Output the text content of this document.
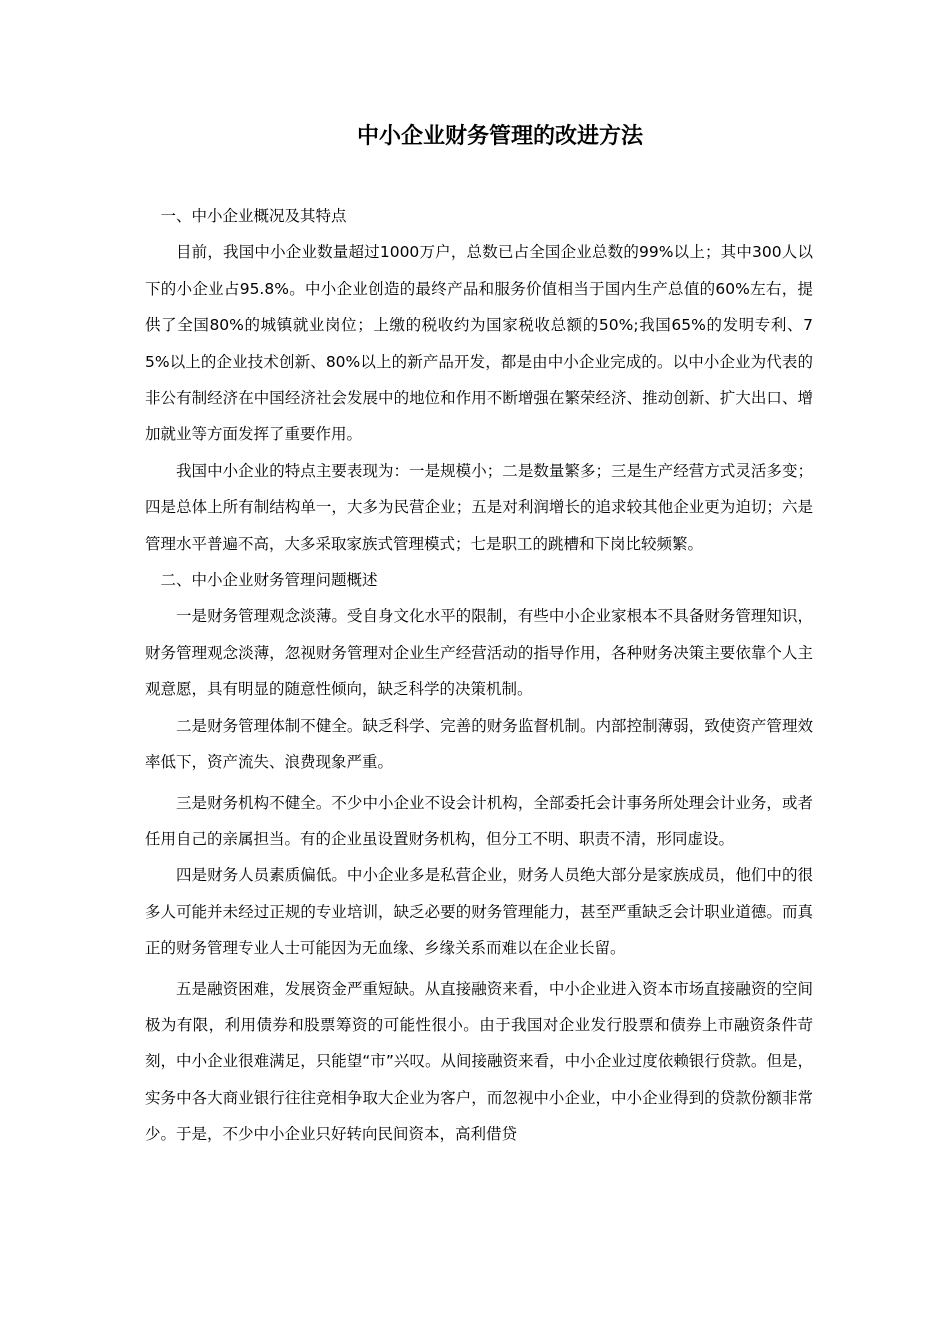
中小企业财务管理的改进方法

一、中小企业概况及其特点

目前，我国中小企业数量超过1000万户，总数已占全国企业总数的99%以上；其中300人以下的小企业占95.8%。中小企业创造的最终产品和服务价值相当于国内生产总值的60%左右，提供了全国80%的城镇就业岗位；上缴的税收约为国家税收总额的50%;我国65%的发明专利、75%以上的企业技术创新、80%以上的新产品开发，都是由中小企业完成的。以中小企业为代表的非公有制经济在中国经济社会发展中的地位和作用不断增强在繁荣经济、推动创新、扩大出口、增加就业等方面发挥了重要作用。

我国中小企业的特点主要表现为：一是规模小；二是数量繁多；三是生产经营方式灵活多变；四是总体上所有制结构单一，大多为民营企业；五是对利润增长的追求较其他企业更为迫切；六是管理水平普遍不高，大多采取家族式管理模式；七是职工的跳槽和下岗比较频繁。

二、中小企业财务管理问题概述

一是财务管理观念淡薄。受自身文化水平的限制，有些中小企业家根本不具备财务管理知识，财务管理观念淡薄，忽视财务管理对企业生产经营活动的指导作用，各种财务决策主要依靠个人主观意愿，具有明显的随意性倾向，缺乏科学的决策机制。

二是财务管理体制不健全。缺乏科学、完善的财务监督机制。内部控制薄弱，致使资产管理效率低下，资产流失、浪费现象严重。

三是财务机构不健全。不少中小企业不设会计机构，全部委托会计事务所处理会计业务，或者任用自己的亲属担当。有的企业虽设置财务机构，但分工不明、职责不清，形同虚设。

四是财务人员素质偏低。中小企业多是私营企业，财务人员绝大部分是家族成员，他们中的很多人可能并未经过正规的专业培训，缺乏必要的财务管理能力，甚至严重缺乏会计职业道德。而真正的财务管理专业人士可能因为无血缘、乡缘关系而难以在企业长留。

五是融资困难，发展资金严重短缺。从直接融资来看，中小企业进入资本市场直接融资的空间极为有限，利用债券和股票筹资的可能性很小。由于我国对企业发行股票和债券上市融资条件苛刻，中小企业很难满足，只能望“市”兴叹。从间接融资来看，中小企业过度依赖银行贷款。但是，实务中各大商业银行往往竞相争取大企业为客户，而忽视中小企业，中小企业得到的贷款份额非常少。于是，不少中小企业只好转向民间资本，高利借贷
